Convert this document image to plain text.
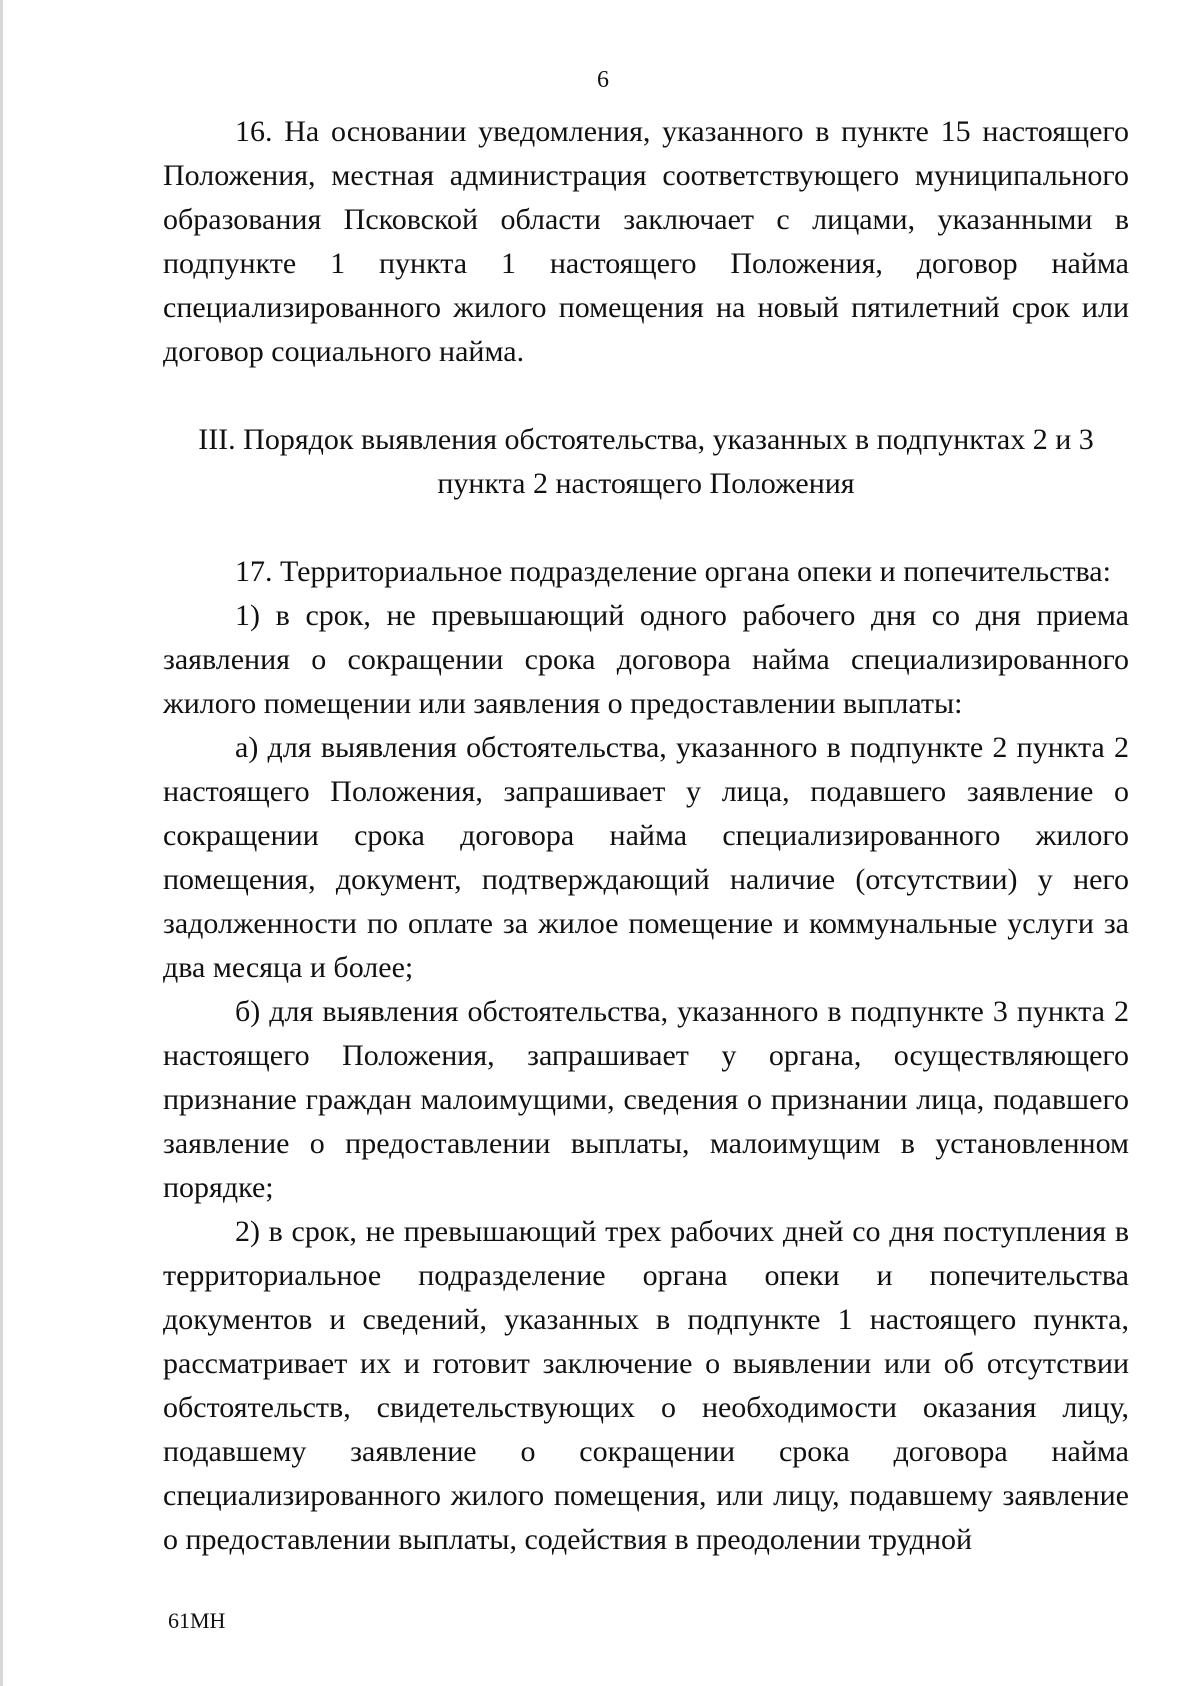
6

16. На основании уведомления, указанного в пункте 15 настоящего Положения, местная администрация соответствующего муниципального образования Псковской области заключает с лицами, указанными в подпункте 1 пункта 1 настоящего Положения, договор найма специализированного жилого помещения на новый пятилетний срок или договор социального найма.

III. Порядок выявления обстоятельства, указанных в подпунктах 2 и 3 пункта 2 настоящего Положения

17. Территориальное подразделение органа опеки и попечительства:

1) в срок, не превышающий одного рабочего дня со дня приема заявления о сокращении срока договора найма специализированного жилого помещении или заявления о предоставлении выплаты:

а) для выявления обстоятельства, указанного в подпункте 2 пункта 2 настоящего Положения, запрашивает у лица, подавшего заявление о сокращении срока договора найма специализированного жилого помещения, документ, подтверждающий наличие (отсутствии) у него задолженности по оплате за жилое помещение и коммунальные услуги за два месяца и более;

б) для выявления обстоятельства, указанного в подпункте 3 пункта 2 настоящего Положения, запрашивает у органа, осуществляющего признание граждан малоимущими, сведения о признании лица, подавшего заявление о предоставлении выплаты, малоимущим в установленном порядке;

2) в срок, не превышающий трех рабочих дней со дня поступления в территориальное подразделение органа опеки и попечительства документов и сведений, указанных в подпункте 1 настоящего пункта, рассматривает их и готовит заключение о выявлении или об отсутствии обстоятельств, свидетельствующих о необходимости оказания лицу, подавшему заявление о сокращении срока договора найма специализированного жилого помещения, или лицу, подавшему заявление о предоставлении выплаты, содействия в преодолении трудной

61МН
